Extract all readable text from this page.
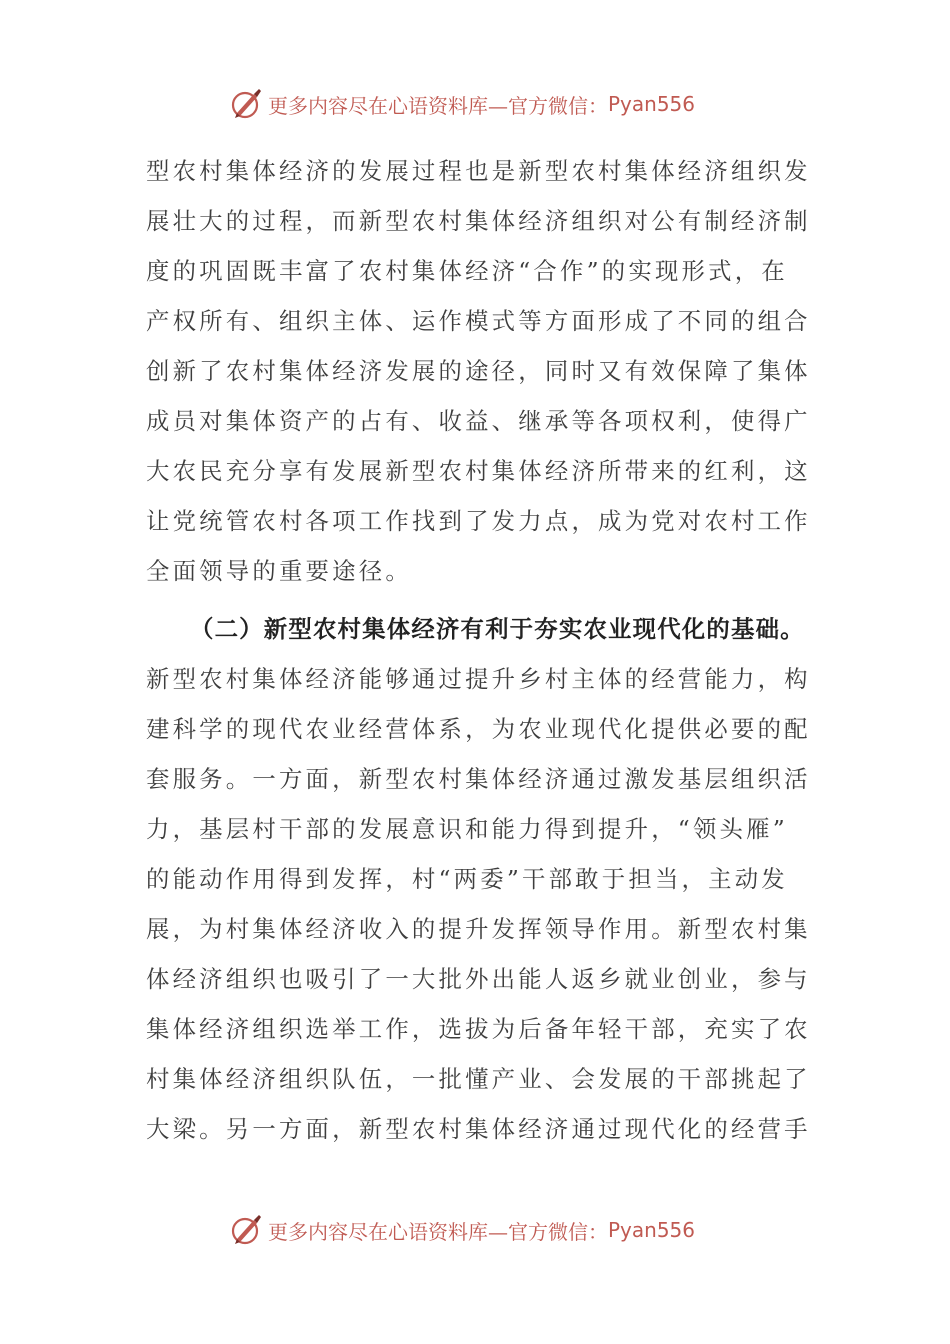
更多内容尽在心语资料库—官方微信： Pyan556
型农村集体经济的发展过程也是新型农村集体经济组织发
展壮大的过程，而新型农村集体经济组织对公有制经济制
度的巩固既丰富了农村集体经济“合作”的实现形式，在
产权所有、组织主体、运作模式等方面形成了不同的组合
创新了农村集体经济发展的途径，同时又有效保障了集体
成员对集体资产的占有、收益、继承等各项权利，使得广
大农民充分享有发展新型农村集体经济所带来的红利，这
让党统管农村各项工作找到了发力点，成为党对农村工作
全面领导的重要途径。
（二）新型农村集体经济有利于夯实农业现代化的基础。
新型农村集体经济能够通过提升乡村主体的经营能力，构
建科学的现代农业经营体系，为农业现代化提供必要的配
套服务。一方面，新型农村集体经济通过激发基层组织活
力，基层村干部的发展意识和能力得到提升，“领头雁”
的能动作用得到发挥，村“两委”干部敢于担当，主动发
展，为村集体经济收入的提升发挥领导作用。新型农村集
体经济组织也吸引了一大批外出能人返乡就业创业，参与
集体经济组织选举工作，选拔为后备年轻干部，充实了农
村集体经济组织队伍，一批懂产业、会发展的干部挑起了
大梁。另一方面，新型农村集体经济通过现代化的经营手
更多内容尽在心语资料库—官方微信： Pyan556
